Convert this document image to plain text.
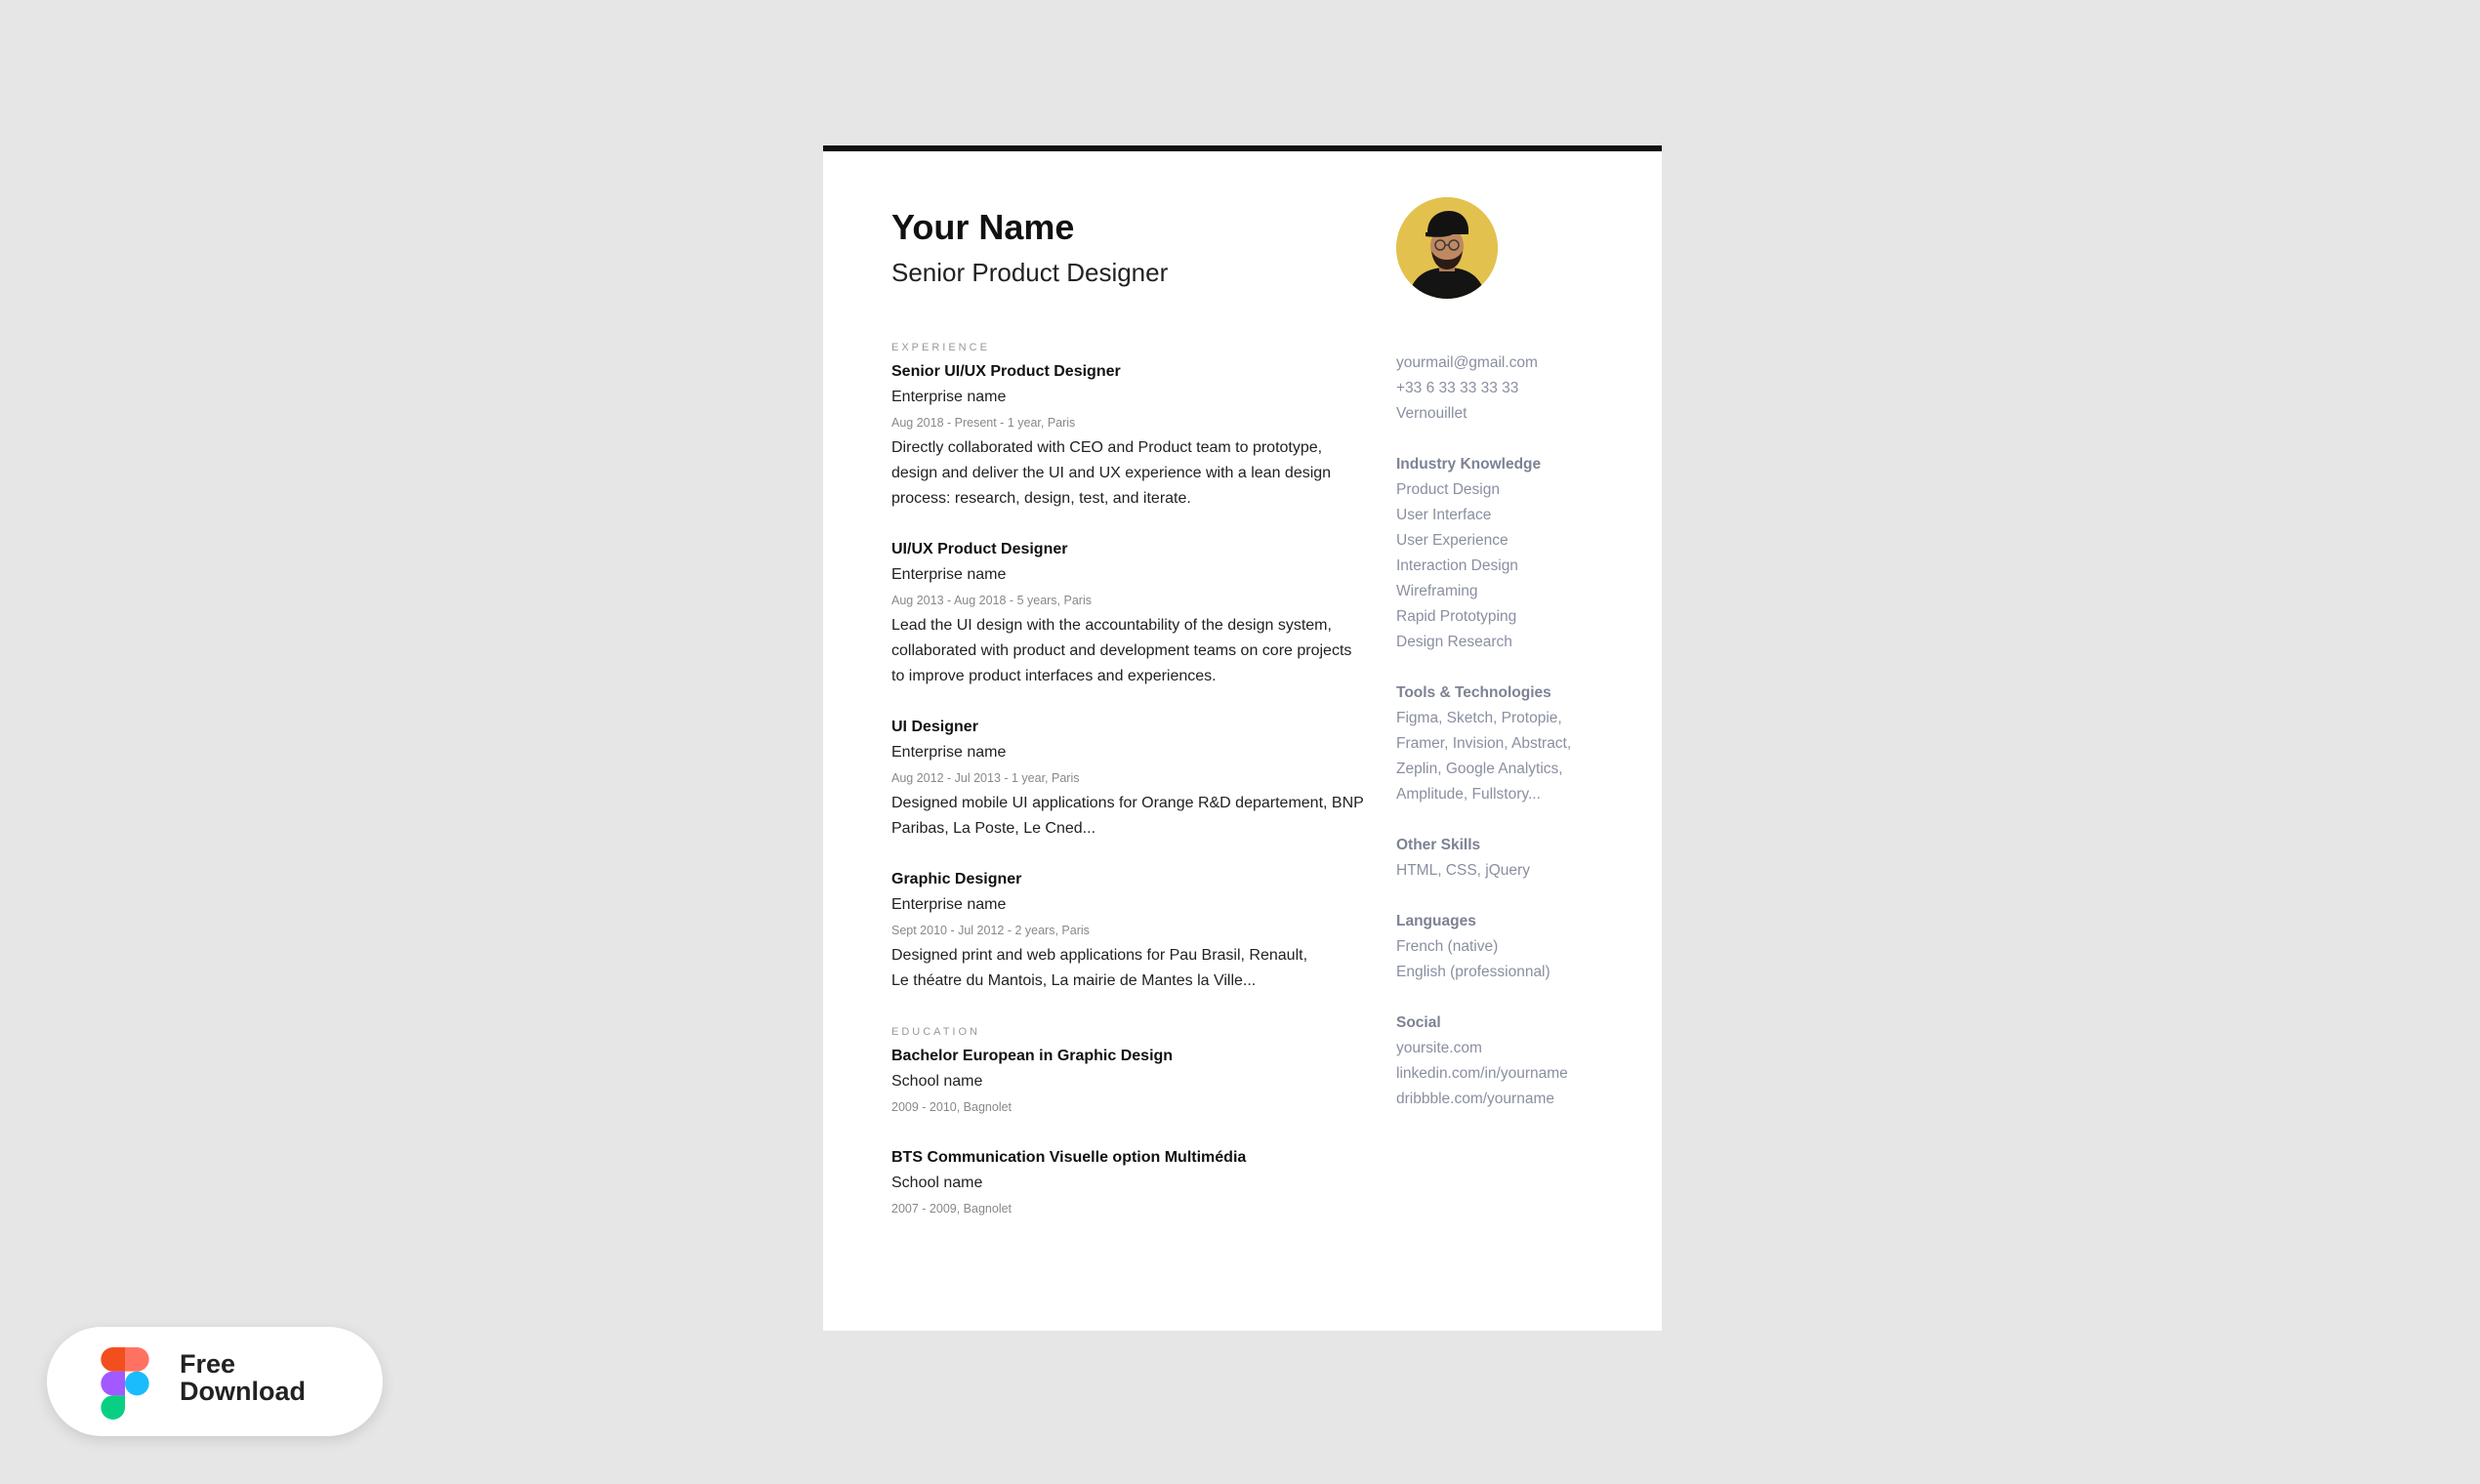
Your Name
Senior Product Designer
EXPERIENCE
Senior UI/UX Product Designer
Enterprise name
Aug 2018 - Present - 1 year, Paris
Directly collaborated with CEO and Product team to prototype,
design and deliver the UI and UX experience with a lean design
process: research, design, test, and iterate.
UI/UX Product Designer
Enterprise name
Aug 2013 - Aug 2018 - 5 years, Paris
Lead the UI design with the accountability of the design system,
collaborated with product and development teams on core projects
to improve product interfaces and experiences.
UI Designer
Enterprise name
Aug 2012 - Jul 2013 - 1 year, Paris
Designed mobile UI applications for Orange R&D departement, BNP
Paribas, La Poste, Le Cned...
Graphic Designer
Enterprise name
Sept 2010 - Jul 2012 - 2 years, Paris
Designed print and web applications for Pau Brasil, Renault,
Le théatre du Mantois, La mairie de Mantes la Ville...
EDUCATION
Bachelor European in Graphic Design
School name
2009 - 2010, Bagnolet
BTS Communication Visuelle option Multimédia
School name
2007 - 2009, Bagnolet
yourmail@gmail.com
+33 6 33 33 33 33
Vernouillet
Industry Knowledge
Product Design
User Interface
User Experience
Interaction Design
Wireframing
Rapid Prototyping
Design Research
Tools & Technologies
Figma, Sketch, Protopie,
Framer, Invision, Abstract,
Zeplin, Google Analytics,
Amplitude, Fullstory...
Other Skills
HTML, CSS, jQuery
Languages
French (native)
English (professionnal)
Social
yoursite.com
linkedin.com/in/yourname
dribbble.com/yourname
Free
Download
